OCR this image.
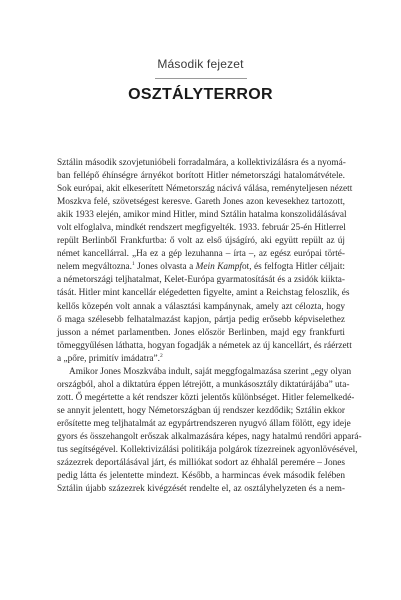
Második fejezet
OSZTÁLYTERROR
Sztálin második szovjetunióbeli forradalmára, a kollektivizálásra és a nyomá-
ban fellépő éhínségre árnyékot borított Hitler németországi hatalomátvétele.
Sok európai, akit elkeserített Németország nácivá válása, reményteljesen nézett
Moszkva felé, szövetségest keresve. Gareth Jones azon kevesekhez tartozott,
akik 1933 elején, amikor mind Hitler, mind Sztálin hatalma konszolidálásával
volt elfoglalva, mindkét rendszert megfigyelték. 1933. február 25-én Hitlerrel
repült Berlinből Frankfurtba: ő volt az első újságíró, aki együtt repült az új
német kancellárral. „Ha ez a gép lezuhanna – írta –, az egész európai törté-
nelem megváltozna.$^1$ Jones olvasta a Mein Kampfot, és felfogta Hitler céljait:
a németországi teljhatalmat, Kelet-Európa gyarmatosítását és a zsidók kiikta-
tását. Hitler mint kancellár elégedetten figyelte, amint a Reichstag feloszlik, és
kellős közepén volt annak a választási kampánynak, amely azt célozta, hogy
ő maga szélesebb felhatalmazást kapjon, pártja pedig erősebb képviselethez
jusson a német parlamentben. Jones először Berlinben, majd egy frankfurti
tömeggyűlésen láthatta, hogyan fogadják a németek az új kancellárt, és ráérzett
a „pőre, primitív imádatra”.$^2$
Amikor Jones Moszkvába indult, saját meggfogalmazása szerint „egy olyan
országból, ahol a diktatúra éppen létrejött, a munkásosztály diktatúrájába” uta-
zott. Ő megértette a két rendszer közti jelentős különbséget. Hitler felemelkedé-
se annyit jelentett, hogy Németországban új rendszer kezdődik; Sztálin ekkor
erősítette meg teljhatalmát az egypártrendszeren nyugvó állam fölött, egy ideje
gyors és összehangolt erőszak alkalmazására képes, nagy hatalmú rendőri appará-
tus segítségével. Kollektivizálási politikája polgárok tízezreinek agyonlövésével,
százezrek deportálásával járt, és milliókat sodort az éhhalál peremére – Jones
pedig látta és jelentette mindezt. Később, a harmincas évek második felében
Sztálin újabb százezrek kivégzését rendelte el, az osztályhelyzeten és a nem-
